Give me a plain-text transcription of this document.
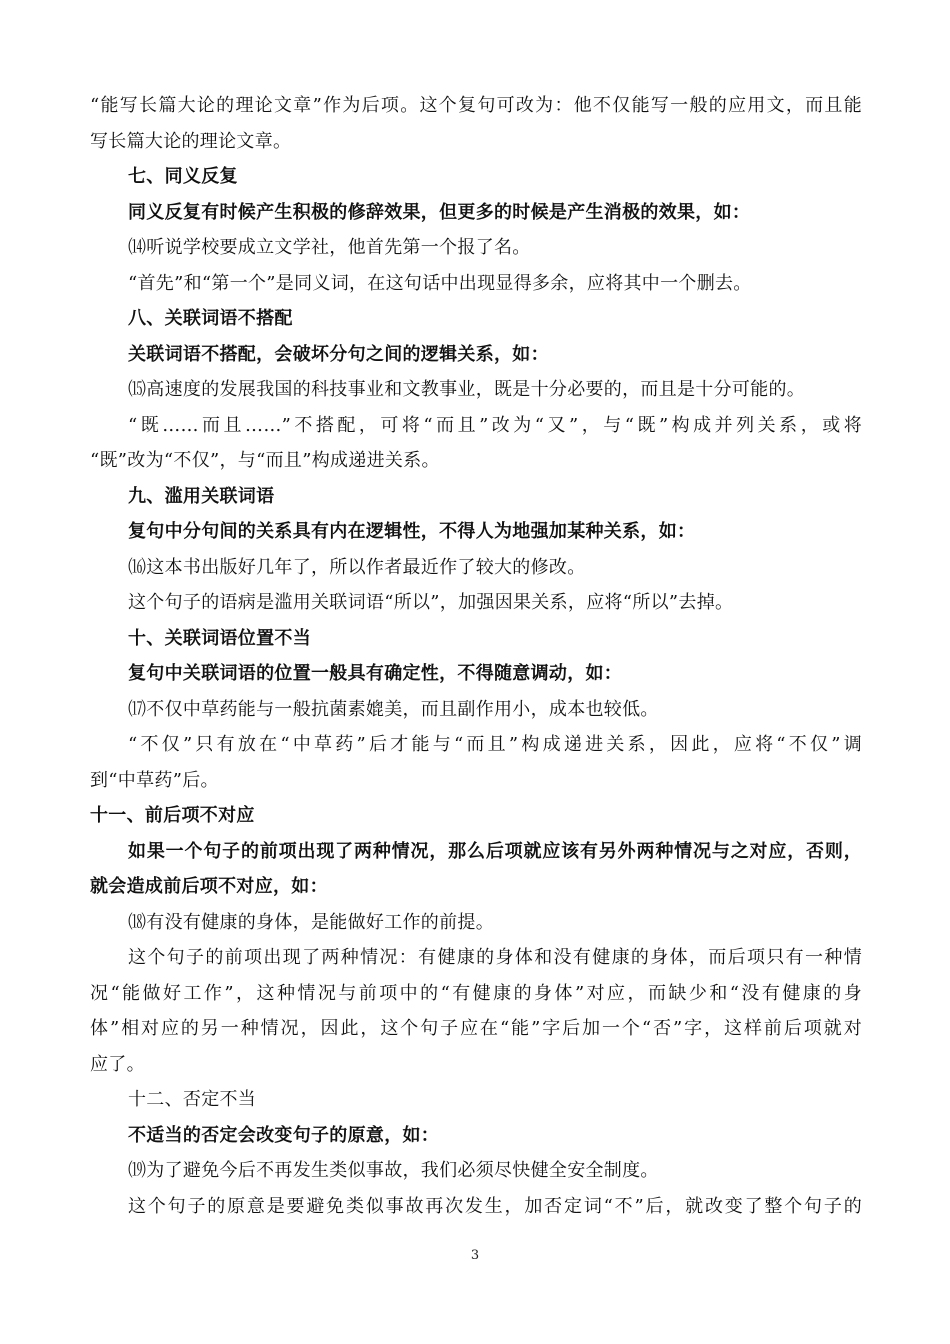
“能写长篇大论的理论文章”作为后项。这个复句可改为：他不仅能写一般的应用文，而且能
写长篇大论的理论文章。
七、同义反复
同义反复有时候产生积极的修辞效果，但更多的时候是产生消极的效果，如：
⒁听说学校要成立文学社，他首先第一个报了名。
“首先”和“第一个”是同义词，在这句话中出现显得多余，应将其中一个删去。
八、关联词语不搭配
关联词语不搭配，会破坏分句之间的逻辑关系，如：
⒂高速度的发展我国的科技事业和文教事业，既是十分必要的，而且是十分可能的。
“既……而且……”不搭配，可将“而且”改为“又”，与“既”构成并列关系，或将
“既”改为“不仅”，与“而且”构成递进关系。
九、滥用关联词语
复句中分句间的关系具有内在逻辑性，不得人为地强加某种关系，如：
⒃这本书出版好几年了，所以作者最近作了较大的修改。
这个句子的语病是滥用关联词语“所以”，加强因果关系，应将“所以”去掉。
十、关联词语位置不当
复句中关联词语的位置一般具有确定性，不得随意调动，如：
⒄不仅中草药能与一般抗菌素媲美，而且副作用小，成本也较低。
“不仅”只有放在“中草药”后才能与“而且”构成递进关系，因此，应将“不仅”调
到“中草药”后。
十一、前后项不对应
如果一个句子的前项出现了两种情况，那么后项就应该有另外两种情况与之对应，否则，
就会造成前后项不对应，如：
⒅有没有健康的身体，是能做好工作的前提。
这个句子的前项出现了两种情况：有健康的身体和没有健康的身体，而后项只有一种情
况“能做好工作”，这种情况与前项中的“有健康的身体”对应，而缺少和“没有健康的身
体”相对应的另一种情况，因此，这个句子应在“能”字后加一个“否”字，这样前后项就对
应了。
十二、否定不当
不适当的否定会改变句子的原意，如：
⒆为了避免今后不再发生类似事故，我们必须尽快健全安全制度。
这个句子的原意是要避免类似事故再次发生，加否定词“不”后，就改变了整个句子的
3
